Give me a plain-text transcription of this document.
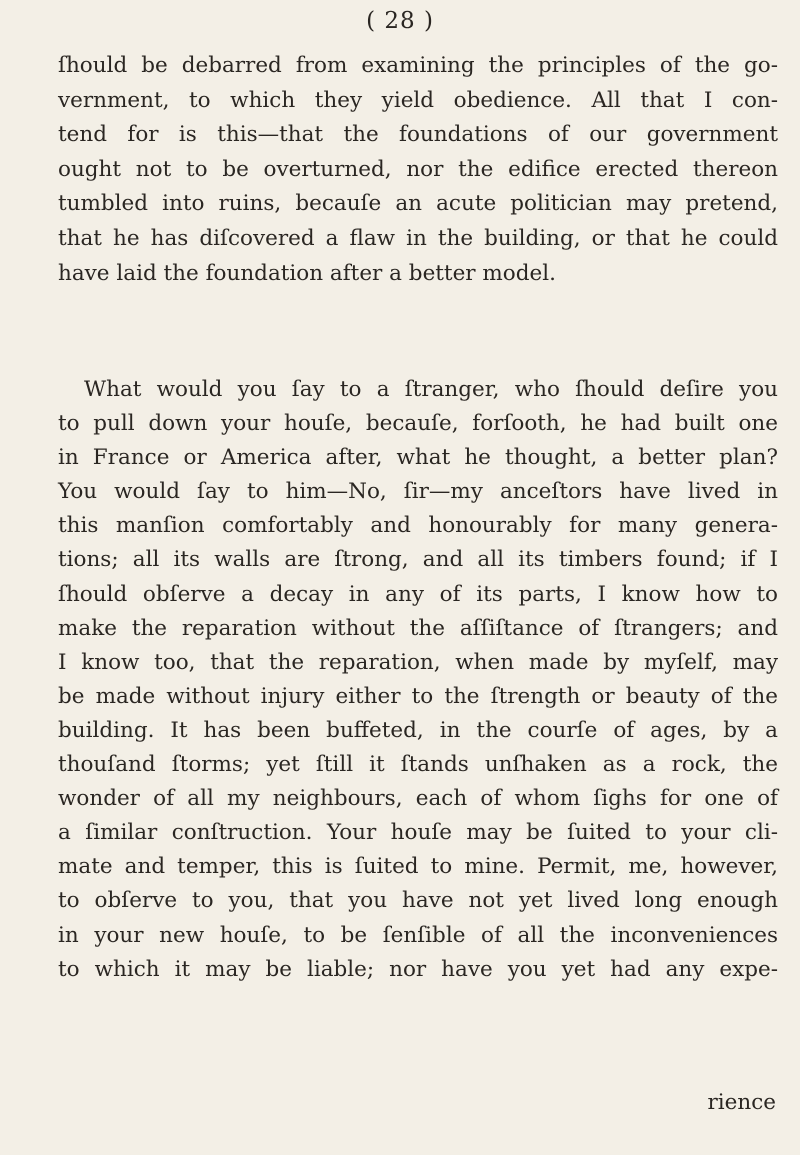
( 28 )
ſhould be debarred from examining the principles of the go-
vernment, to which they yield obedience. All that I con-
tend for is this—that the foundations of our government
ought not to be overturned, nor the edifice erected thereon
tumbled into ruins, becauſe an acute politician may pretend,
that he has diſcovered a flaw in the building, or that he could
have laid the foundation after a better model.
What would you ſay to a ſtranger, who ſhould deſire you
to pull down your houſe, becauſe, forſooth, he had built one
in France or America after, what he thought, a better plan?
You would ſay to him—No, ſir—my anceſtors have lived in
this manſion comfortably and honourably for many genera-
tions; all its walls are ſtrong, and all its timbers found; if I
ſhould obſerve a decay in any of its parts, I know how to
make the reparation without the aſſiſtance of ſtrangers; and
I know too, that the reparation, when made by myſelf, may
be made without injury either to the ſtrength or beauty of the
building. It has been buffeted, in the courſe of ages, by a
thouſand ſtorms; yet ſtill it ſtands unſhaken as a rock, the
wonder of all my neighbours, each of whom ſighs for one of
a ſimilar conſtruction. Your houſe may be ſuited to your cli-
mate and temper, this is ſuited to mine. Permit, me, however,
to obſerve to you, that you have not yet lived long enough
in your new houſe, to be ſenſible of all the inconveniences
to which it may be liable; nor have you yet had any expe-
rience
